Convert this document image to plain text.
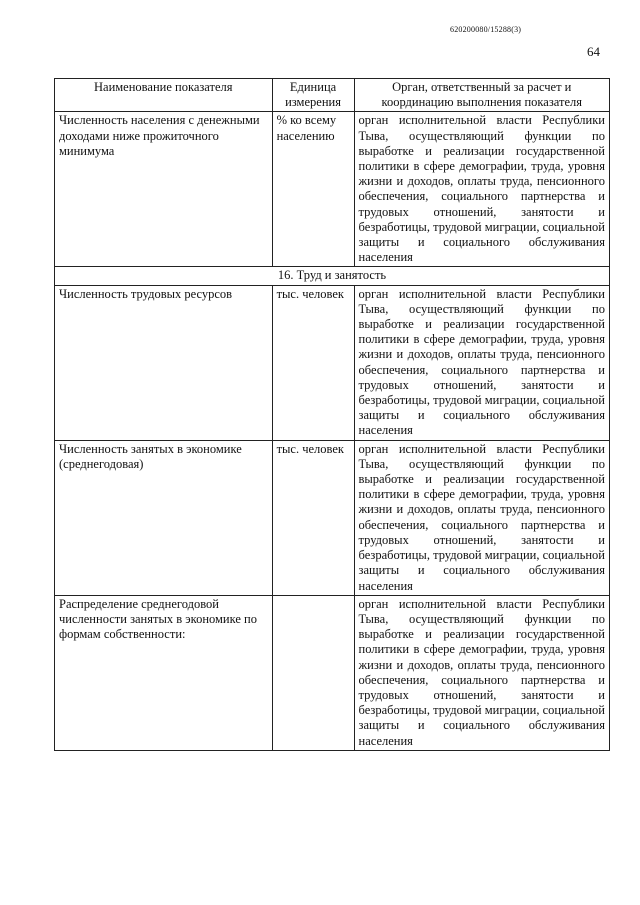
620200080/15288(3)
64
Наименование показателя	Единица измерения	Орган, ответственный за расчет и координацию выполнения показателя
Численность населения с денежными доходами ниже прожиточного минимума	% ко всему населению	орган исполнительной власти Республики Тыва, осуществляющий функции по выработке и реализации государственной политики в сфере демографии, труда, уровня жизни и доходов, оплаты труда, пенсионного обеспечения, социального партнерства и трудовых отношений, занятости и безработицы, трудовой миграции, социальной защиты и социального обслуживания населения
16. Труд и занятость		
Численность трудовых ресурсов	тыс. человек	орган исполнительной власти Республики Тыва, осуществляющий функции по выработке и реализации государственной политики в сфере демографии, труда, уровня жизни и доходов, оплаты труда, пенсионного обеспечения, социального партнерства и трудовых отношений, занятости и безработицы, трудовой миграции, социальной защиты и социального обслуживания населения
Численность занятых в экономике (среднегодовая)	тыс. человек	орган исполнительной власти Республики Тыва, осуществляющий функции по выработке и реализации государственной политики в сфере демографии, труда, уровня жизни и доходов, оплаты труда, пенсионного обеспечения, социального партнерства и трудовых отношений, занятости и безработицы, трудовой миграции, социальной защиты и социального обслуживания населения
Распределение среднегодовой численности занятых в экономике по формам собственности:		орган исполнительной власти Республики Тыва, осуществляющий функции по выработке и реализации государственной политики в сфере демографии, труда, уровня жизни и доходов, оплаты труда, пенсионного обеспечения, социального партнерства и трудовых отношений, занятости и безработицы, трудовой миграции, социальной защиты и социального обслуживания населения
